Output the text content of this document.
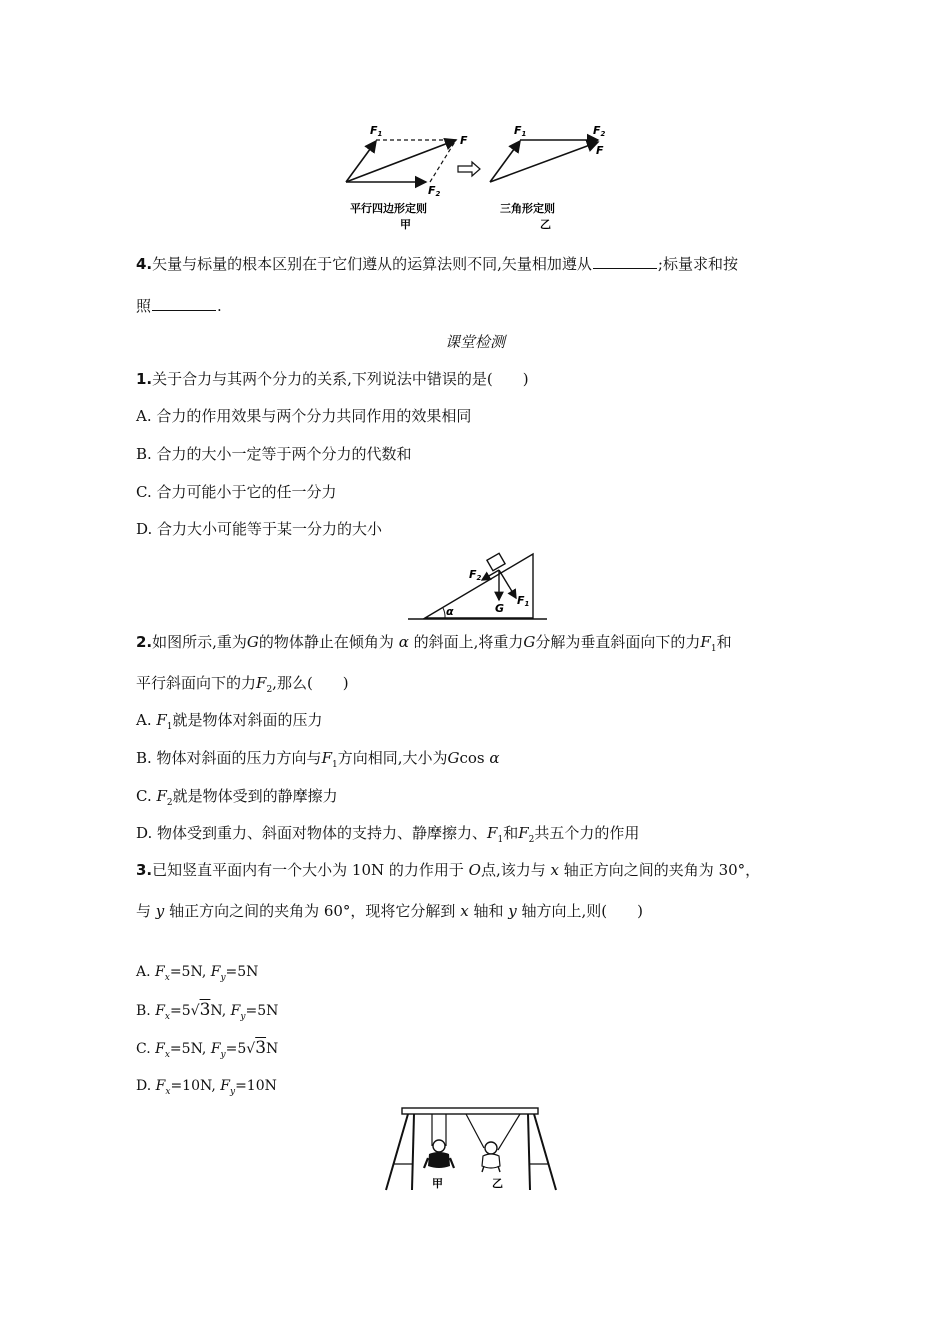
F1	F
F2
F1	F2
F
平行四边形定则
甲
三角形定则
乙
4.矢量与标量的根本区别在于它们遵从的运算法则不同,矢量相加遵从	;标量求和按
照	.
课堂检测
1.关于合力与其两个分力的关系,下列说法中错误的是(　　)
A. 合力的作用效果与两个分力共同作用的效果相同
B. 合力的大小一定等于两个分力的代数和
C. 合力可能小于它的任一分力
D. 合力大小可能等于某一分力的大小
α
F2
G
F1
2.如图所示,重为G的物体静止在倾角为 α 的斜面上,将重力G分解为垂直斜面向下的力$F_1$和
平行斜面向下的力$F_2$,那么(　　)
A. $F_1$就是物体对斜面的压力
B. 物体对斜面的压力方向与$F_1$方向相同,大小为Gcos α
C. $F_2$就是物体受到的静摩擦力
D. 物体受到重力、斜面对物体的支持力、静摩擦力、$F_1$和$F_2$共五个力的作用
3.已知竖直平面内有一个大小为 10N 的力作用于 O点,该力与 x 轴正方向之间的夹角为 30°，
与 y 轴正方向之间的夹角为 60°，现将它分解到 x 轴和 y 轴方向上,则(　　)
A. $F_x=5N$, $F_y=5N$
B. $F_x=5√3N$, $F_y=5N$
C. $F_x=5N$, $F_y=5√3N$
D. $F_x=10N$, $F_y=10N$
甲	乙
